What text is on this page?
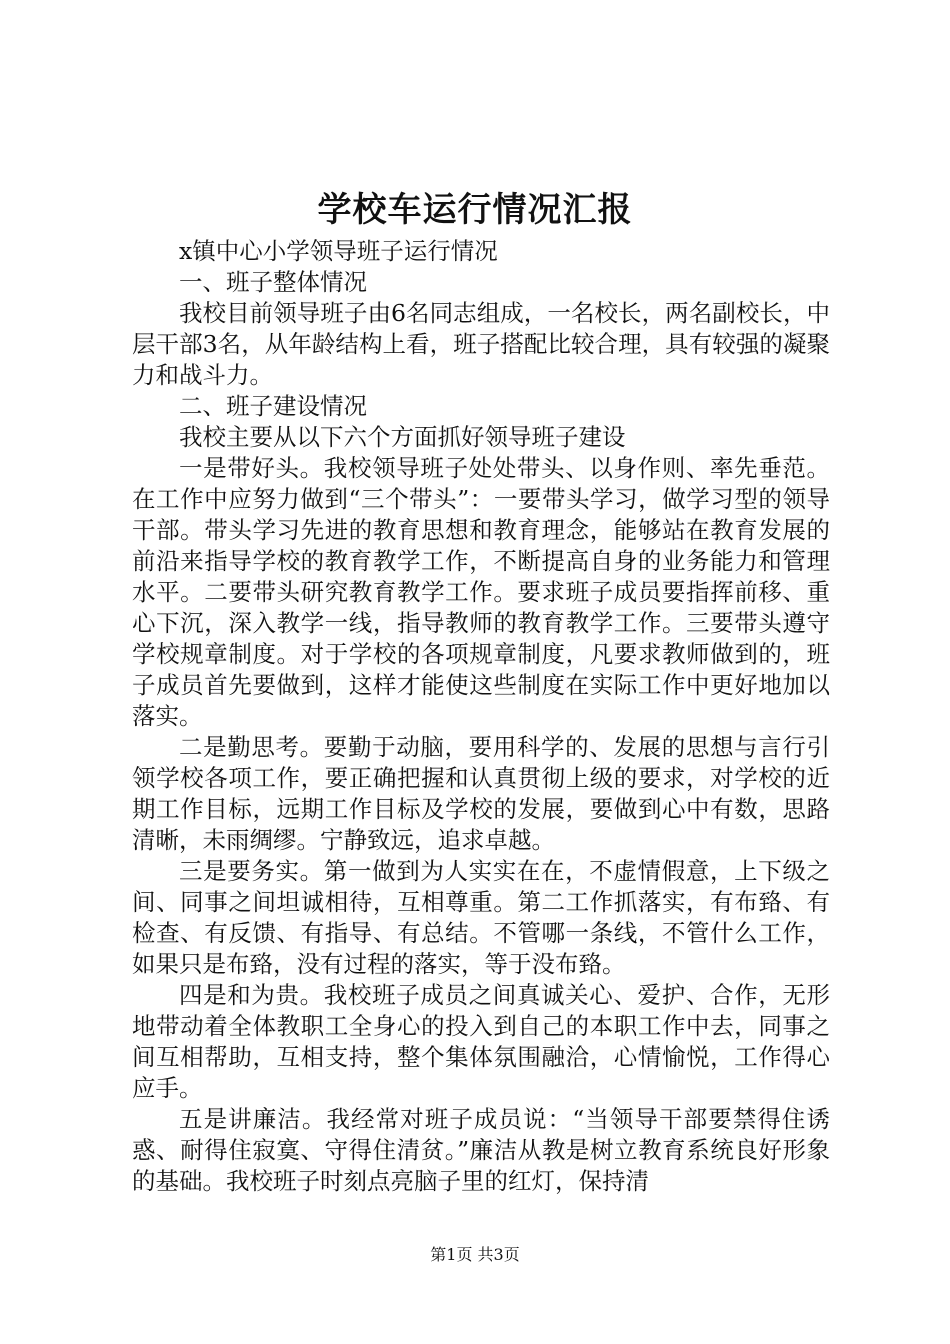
学校车运行情况汇报

x镇中心小学领导班子运行情况

一、班子整体情况

我校目前领导班子由6名同志组成，一名校长，两名副校长，中层干部3名，从年龄结构上看，班子搭配比较合理，具有较强的凝聚力和战斗力。

二、班子建设情况

我校主要从以下六个方面抓好领导班子建设

一是带好头。我校领导班子处处带头、以身作则、率先垂范。在工作中应努力做到“三个带头”：一要带头学习，做学习型的领导干部。带头学习先进的教育思想和教育理念，能够站在教育发展的前沿来指导学校的教育教学工作，不断提高自身的业务能力和管理水平。二要带头研究教育教学工作。要求班子成员要指挥前移、重心下沉，深入教学一线，指导教师的教育教学工作。三要带头遵守学校规章制度。对于学校的各项规章制度，凡要求教师做到的，班子成员首先要做到，这样才能使这些制度在实际工作中更好地加以落实。

二是勤思考。要勤于动脑，要用科学的、发展的思想与言行引领学校各项工作，要正确把握和认真贯彻上级的要求，对学校的近期工作目标，远期工作目标及学校的发展，要做到心中有数，思路清晰，未雨绸缪。宁静致远，追求卓越。

三是要务实。第一做到为人实实在在，不虚情假意，上下级之间、同事之间坦诚相待，互相尊重。第二工作抓落实，有布臵、有检查、有反馈、有指导、有总结。不管哪一条线，不管什么工作，如果只是布臵，没有过程的落实，等于没布臵。

四是和为贵。我校班子成员之间真诚关心、爱护、合作，无形地带动着全体教职工全身心的投入到自己的本职工作中去，同事之间互相帮助，互相支持，整个集体氛围融洽，心情愉悦，工作得心应手。

五是讲廉洁。我经常对班子成员说：“当领导干部要禁得住诱惑、耐得住寂寞、守得住清贫。”廉洁从教是树立教育系统良好形象的基础。我校班子时刻点亮脑子里的红灯，保持清

第1页 共3页
